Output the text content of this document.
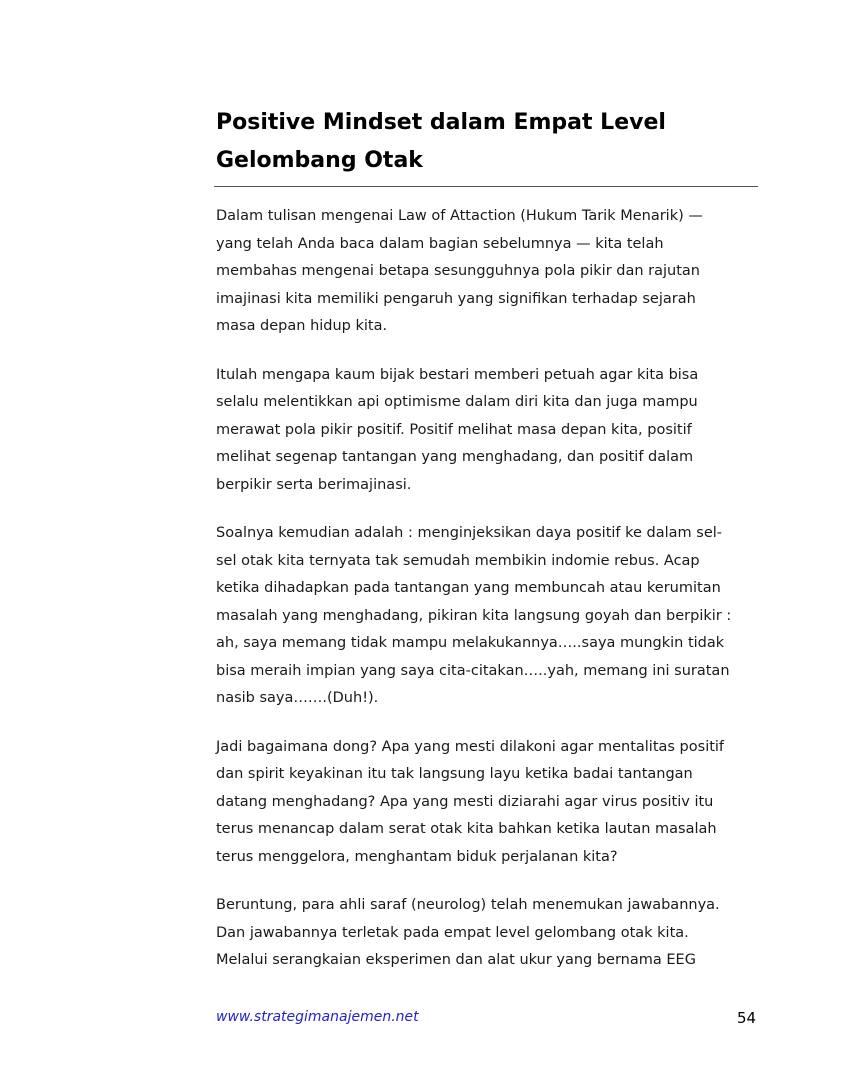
Positive Mindset dalam Empat Level
Gelombang Otak

Dalam tulisan mengenai Law of Attaction (Hukum Tarik Menarik) —
yang telah Anda baca dalam bagian sebelumnya — kita telah
membahas mengenai betapa sesungguhnya pola pikir dan rajutan
imajinasi kita memiliki pengaruh yang signifikan terhadap sejarah
masa depan hidup kita.

Itulah mengapa kaum bijak bestari memberi petuah agar kita bisa
selalu melentikkan api optimisme dalam diri kita dan juga mampu
merawat pola pikir positif. Positif melihat masa depan kita, positif
melihat segenap tantangan yang menghadang, dan positif dalam
berpikir serta berimajinasi.

Soalnya kemudian adalah : menginjeksikan daya positif ke dalam sel-
sel otak kita ternyata tak semudah membikin indomie rebus. Acap
ketika dihadapkan pada tantangan yang membuncah atau kerumitan
masalah yang menghadang, pikiran kita langsung goyah dan berpikir :
ah, saya memang tidak mampu melakukannya…..saya mungkin tidak
bisa meraih impian yang saya cita-citakan…..yah, memang ini suratan
nasib saya…….(Duh!).

Jadi bagaimana dong? Apa yang mesti dilakoni agar mentalitas positif
dan spirit keyakinan itu tak langsung layu ketika badai tantangan
datang menghadang? Apa yang mesti diziarahi agar virus positiv itu
terus menancap dalam serat otak kita bahkan ketika lautan masalah
terus menggelora, menghantam biduk perjalanan kita?

Beruntung, para ahli saraf (neurolog) telah menemukan jawabannya.
Dan jawabannya terletak pada empat level gelombang otak kita.
Melalui serangkaian eksperimen dan alat ukur yang bernama EEG

www.strategimanajemen.net	54
